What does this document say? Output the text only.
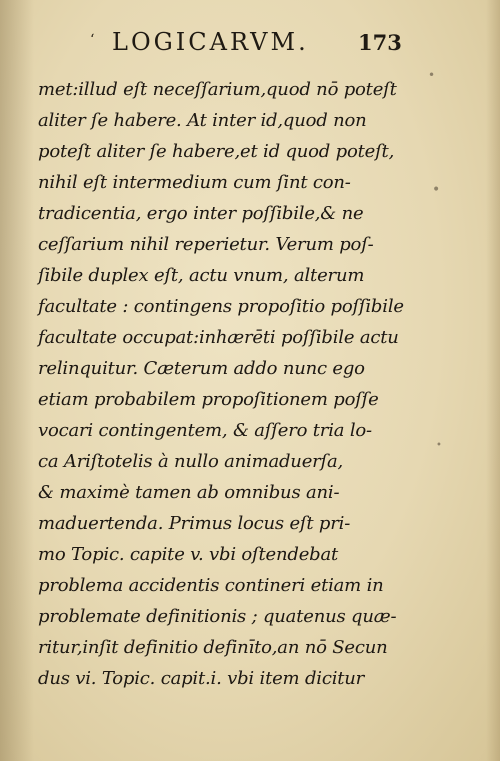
‘ LOGICARVM. 173
met:illud eſt neceſſarium,quod nō poteſt
aliter ſe habere. At inter id,quod non
poteſt aliter ſe habere,et id quod poteſt,
nihil eſt intermedium cum ſint con-
tradicentia, ergo inter poſſibile,& ne
ceſſarium nihil reperietur. Verum poſ-
ſibile duplex eſt, actu vnum, alterum
facultate : contingens propoſitio poſſibile
facultate occupat:inhærēti poſſibile actu
relinquitur. Cæterum addo nunc ego
etiam probabilem propoſitionem poſſe
vocari contingentem, & aſſero tria lo-
ca Ariſtotelis à nullo animaduerſa,
& maximè tamen ab omnibus ani-
maduertenda. Primus locus eſt pri-
mo Topic. capite v. vbi oſtendebat
problema accidentis contineri etiam in
problemate definitionis ; quatenus quæ-
ritur,inſit definitio definīto,an nō Secun
dus vi. Topic. capit.i. vbi item dicitur
•
•
•
